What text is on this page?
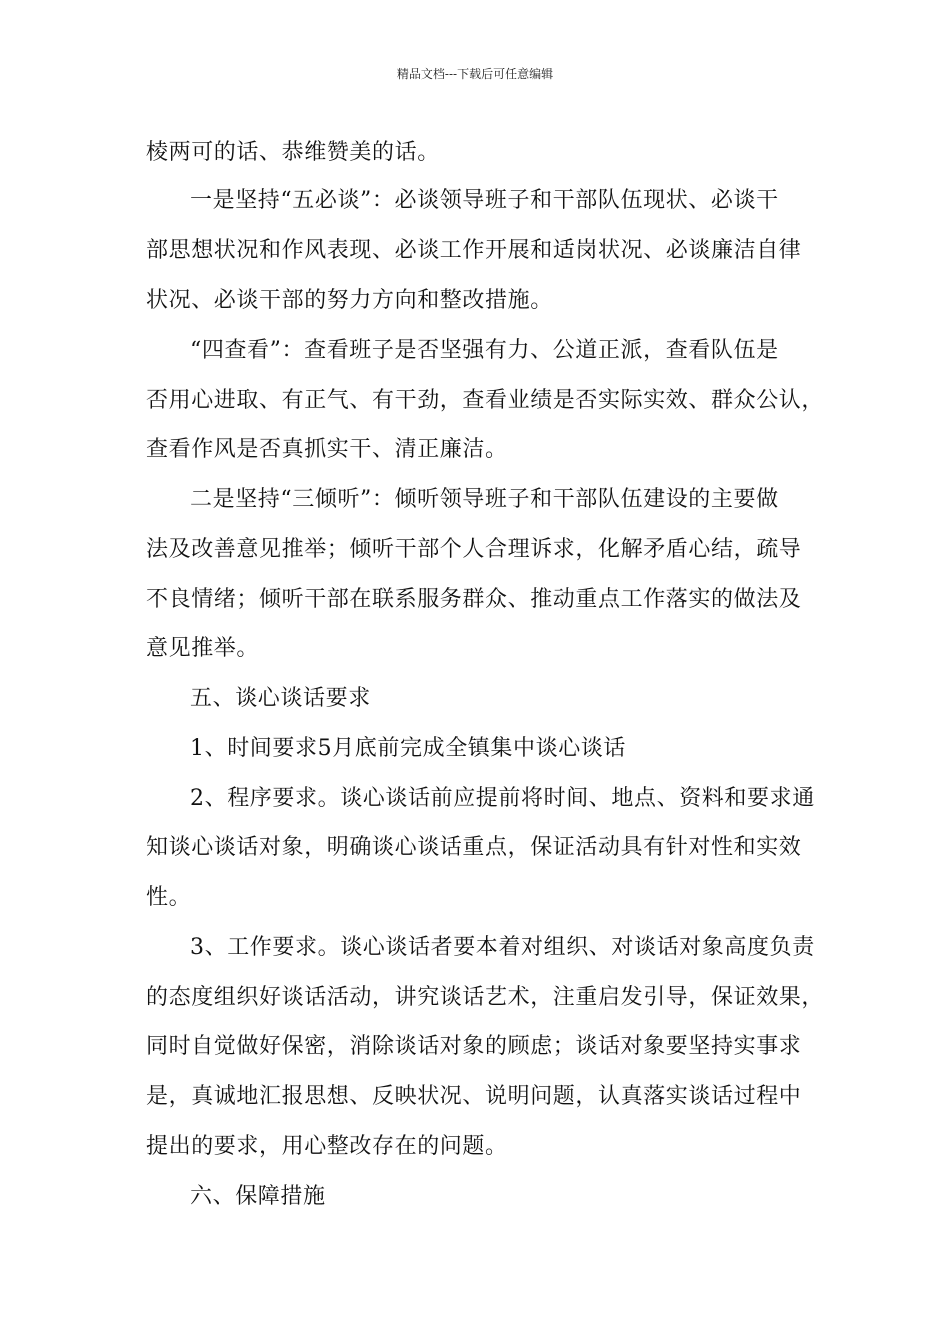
精品文档---下载后可任意编辑
棱两可的话、恭维赞美的话。
一是坚持“五必谈”：必谈领导班子和干部队伍现状、必谈干
部思想状况和作风表现、必谈工作开展和适岗状况、必谈廉洁自律
状况、必谈干部的努力方向和整改措施。
“四查看”：查看班子是否坚强有力、公道正派，查看队伍是
否用心进取、有正气、有干劲，查看业绩是否实际实效、群众公认，
查看作风是否真抓实干、清正廉洁。
二是坚持“三倾听”：倾听领导班子和干部队伍建设的主要做
法及改善意见推举；倾听干部个人合理诉求，化解矛盾心结，疏导
不良情绪；倾听干部在联系服务群众、推动重点工作落实的做法及
意见推举。
五、谈心谈话要求
1、时间要求5月底前完成全镇集中谈心谈话
2、程序要求。谈心谈话前应提前将时间、地点、资料和要求通
知谈心谈话对象，明确谈心谈话重点，保证活动具有针对性和实效
性。
3、工作要求。谈心谈话者要本着对组织、对谈话对象高度负责
的态度组织好谈话活动，讲究谈话艺术，注重启发引导，保证效果，
同时自觉做好保密，消除谈话对象的顾虑；谈话对象要坚持实事求
是，真诚地汇报思想、反映状况、说明问题，认真落实谈话过程中
提出的要求，用心整改存在的问题。
六、保障措施
